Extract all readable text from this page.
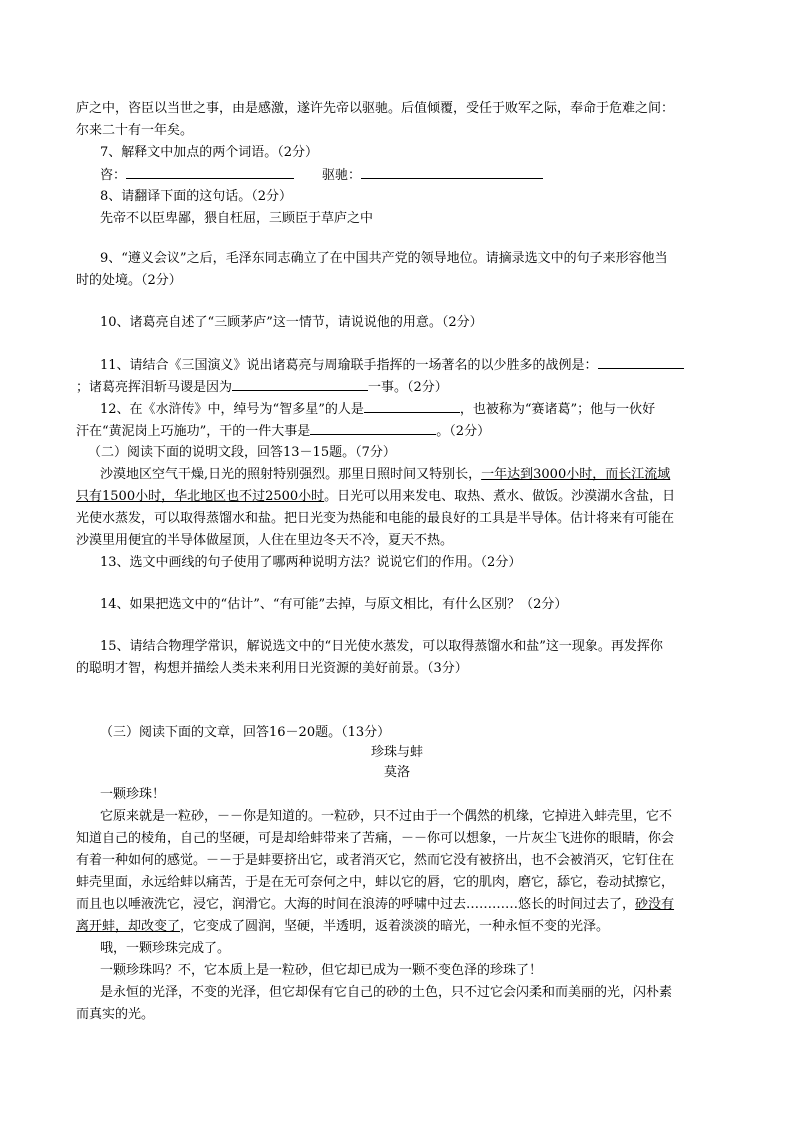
庐之中，咨臣以当世之事，由是感激，遂许先帝以驱驰。后值倾覆，受任于败军之际，奉命于危难之间：
尔来二十有一年矣。
7、解释文中加点的两个词语。（2分）
咨：	驱驰：
8、请翻译下面的这句话。（2分）
先帝不以臣卑鄙，猥自枉屈，三顾臣于草庐之中
9、“遵义会议”之后，毛泽东同志确立了在中国共产党的领导地位。请摘录选文中的句子来形容他当
时的处境。（2分）
10、诸葛亮自述了“三顾茅庐”这一情节，请说说他的用意。（2分）
11、请结合《三国演义》说出诸葛亮与周瑜联手指挥的一场著名的以少胜多的战例是：
；诸葛亮挥泪斩马谡是因为	一事。（2分）
12、在《水浒传》中，绰号为“智多星”的人是	，也被称为“赛诸葛”；他与一伙好
汗在“黄泥岗上巧施功”，干的一件大事是	。（2分）
（二）阅读下面的说明文段，回答13－15题。（7分）
沙漠地区空气干燥,日光的照射特别强烈。那里日照时间又特别长，一年达到3000小时，而长江流域
只有1500小时，华北地区也不过2500小时。日光可以用来发电、取热、煮水、做饭。沙漠湖水含盐，日
光使水蒸发，可以取得蒸馏水和盐。把日光变为热能和电能的最良好的工具是半导体。估计将来有可能在
沙漠里用便宜的半导体做屋顶，人住在里边冬天不冷，夏天不热。
13、选文中画线的句子使用了哪两种说明方法？说说它们的作用。（2分）
14、如果把选文中的“估计”、“有可能”去掉，与原文相比，有什么区别？（2分）
15、请结合物理学常识，解说选文中的“日光使水蒸发，可以取得蒸馏水和盐”这一现象。再发挥你
的聪明才智，构想并描绘人类未来利用日光资源的美好前景。（3分）
（三）阅读下面的文章，回答16－20题。（13分）
珍珠与蚌
莫洛
一颗珍珠！
它原来就是一粒砂，－－你是知道的。一粒砂，只不过由于一个偶然的机缘，它掉进入蚌壳里，它不
知道自己的棱角，自己的坚硬，可是却给蚌带来了苦痛，－－你可以想象，一片灰尘飞进你的眼睛，你会
有着一种如何的感觉。－－于是蚌要挤出它，或者消灭它，然而它没有被挤出，也不会被消灭，它钉住在
蚌壳里面，永远给蚌以痛苦，于是在无可奈何之中，蚌以它的唇，它的肌肉，磨它，舔它，卷动拭擦它，
而且也以唾液洗它，浸它，润滑它。大海的时间在浪涛的呼啸中过去…………悠长的时间过去了，砂没有
离开蚌，却改变了，它变成了圆润，坚硬，半透明，返着淡淡的暗光，一种永恒不变的光泽。
哦，一颗珍珠完成了。
一颗珍珠吗？不，它本质上是一粒砂，但它却已成为一颗不变色泽的珍珠了！
是永恒的光泽，不变的光泽，但它却保有它自己的砂的土色，只不过它会闪柔和而美丽的光，闪朴素
而真实的光。
